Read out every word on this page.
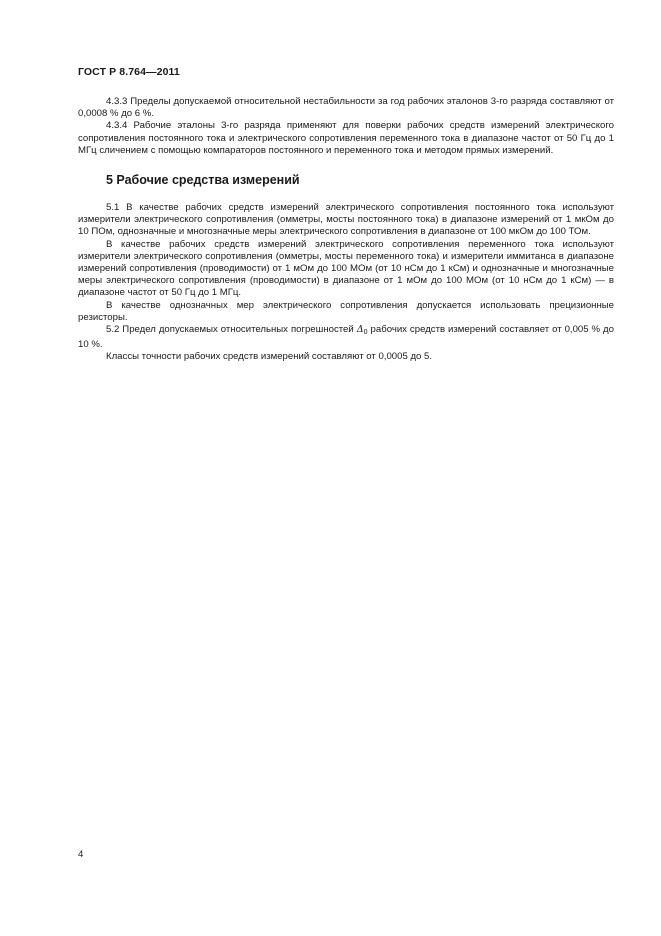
ГОСТ Р 8.764—2011

4.3.3 Пределы допускаемой относительной нестабильности за год рабочих эталонов 3-го разряда составляют от 0,0008 % до 6 %.

4.3.4 Рабочие эталоны 3-го разряда применяют для поверки рабочих средств измерений электрического сопротивления постоянного тока и электрического сопротивления переменного тока в диапазоне частот от 50 Гц до 1 МГц сличением с помощью компараторов постоянного и переменного тока и методом прямых измерений.

5 Рабочие средства измерений

5.1 В качестве рабочих средств измерений электрического сопротивления постоянного тока используют измерители электрического сопротивления (омметры, мосты постоянного тока) в диапазоне измерений от 1 мкОм до 10 ПОм, однозначные и многозначные меры электрического сопротивления в диапазоне от 100 мкОм до 100 ТОм.

В качестве рабочих средств измерений электрического сопротивления переменного тока используют измерители электрического сопротивления (омметры, мосты переменного тока) и измерители иммитанса в диапазоне измерений сопротивления (проводимости) от 1 мОм до 100 МОм (от 10 нСм до 1 кСм) и однозначные и многозначные меры электрического сопротивления (проводимости) в диапазоне от 1 мОм до 100 МОм (от 10 нСм до 1 кСм) — в диапазоне частот от 50 Гц до 1 МГц.

В качестве однозначных мер электрического сопротивления допускается использовать прецизионные резисторы.

5.2 Предел допускаемых относительных погрешностей $\Delta_0$ рабочих средств измерений составляет от 0,005 % до 10 %.

Классы точности рабочих средств измерений составляют от 0,0005 до 5.

4
